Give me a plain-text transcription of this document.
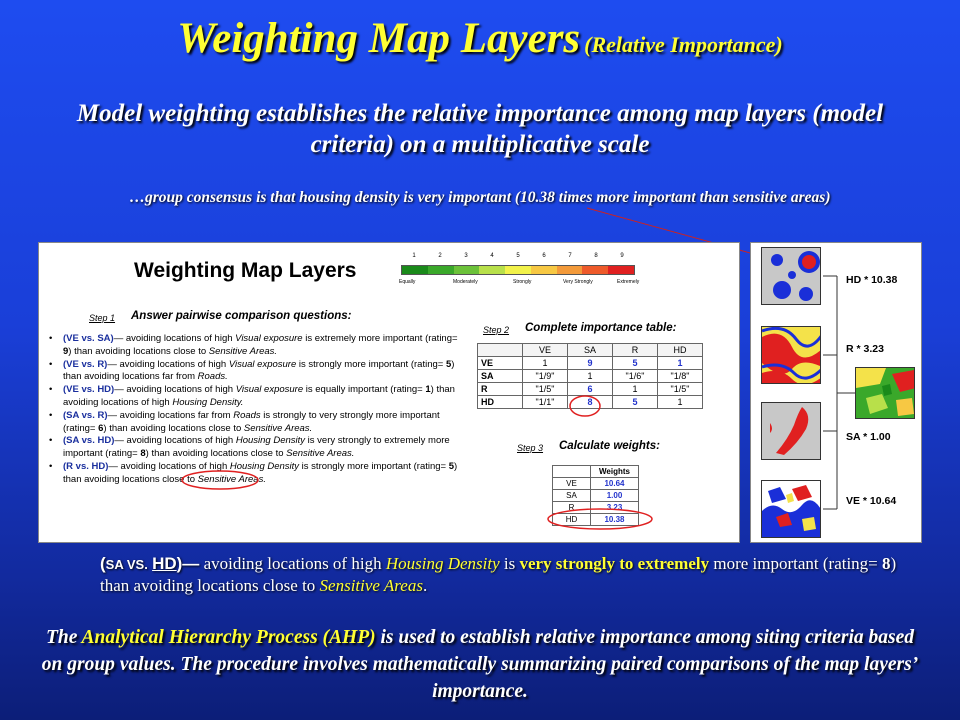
Weighting Map Layers (Relative Importance)
Model weighting establishes the relative importance among map layers (model criteria) on a multiplicative scale
…group consensus is that housing density is very important (10.38 times more important than sensitive areas)
Weighting Map Layers
1	2	3	4	5	6	7	8	9
Equally	Moderately	Strongly	Very Strongly	Extremely
Step 1 Answer pairwise comparison questions:
• (VE vs. SA)— avoiding locations of high Visual exposure is extremely more important (rating= 9) than avoiding locations close to Sensitive Areas.
• (VE vs. R)— avoiding locations of high Visual exposure is strongly more important (rating= 5) than avoiding locations far from Roads.
• (VE vs. HD)— avoiding locations of high Visual exposure is equally important (rating= 1) than avoiding locations of high Housing Density.
• (SA vs. R)— avoiding locations far from Roads is strongly to very strongly more important (rating= 6) than avoiding locations close to Sensitive Areas.
• (SA vs. HD)— avoiding locations of high Housing Density is very strongly to extremely more important (rating= 8) than avoiding locations close to Sensitive Areas.
• (R vs. HD)— avoiding locations of high Housing Density is strongly more important (rating= 5) than avoiding locations close to Sensitive Areas.
Step 2 Complete importance table:
	VE	SA	R	HD
VE	1	9	5	1
SA	"1/9"	1	"1/6"	"1/8"
R	"1/5"	6	1	"1/5"
HD	"1/1"	8	5	1
Step 3 Calculate weights:
	Weights
VE	10.64
SA	1.00
R	3.23
HD	10.38
HD * 10.38
R * 3.23
SA * 1.00
VE * 10.64
(SA VS. HD)— avoiding locations of high Housing Density is very strongly to extremely more important (rating= 8) than avoiding locations close to Sensitive Areas.
The Analytical Hierarchy Process (AHP) is used to establish relative importance among siting criteria based on group values. The procedure involves mathematically summarizing paired comparisons of the map layers’ importance.
